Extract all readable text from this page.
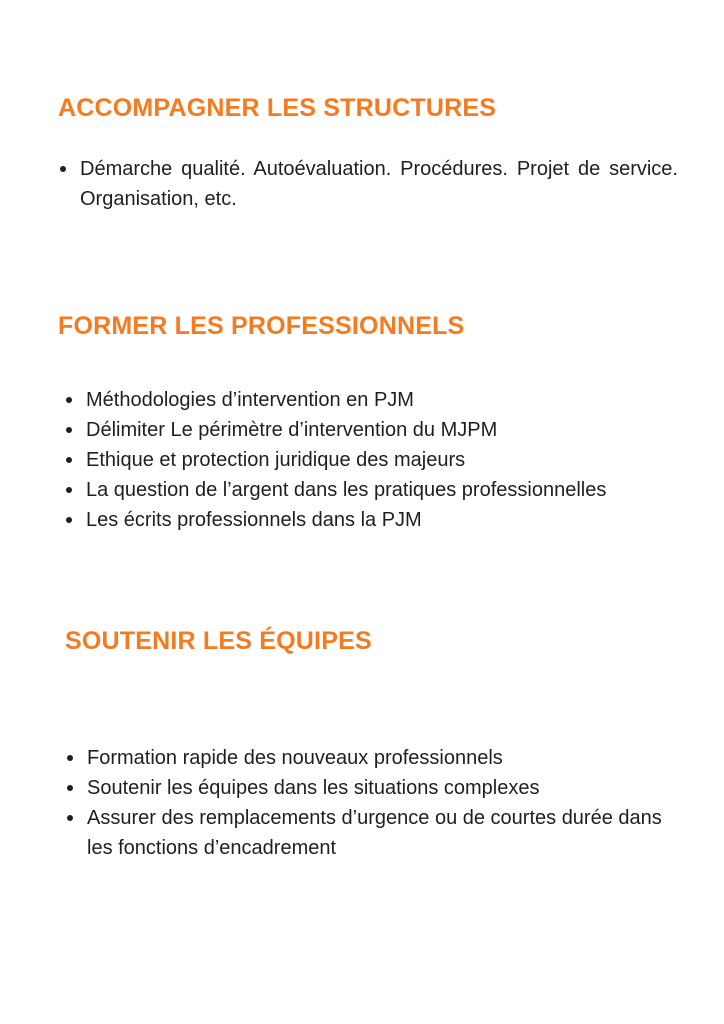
ACCOMPAGNER LES STRUCTURES
Démarche qualité. Autoévaluation. Procédures. Projet de service. Organisation, etc.
FORMER LES PROFESSIONNELS
Méthodologies d’intervention en PJM
Délimiter Le périmètre d’intervention du MJPM
Ethique et protection juridique des majeurs
La question de l’argent dans les pratiques professionnelles
Les écrits professionnels dans la PJM
SOUTENIR LES ÉQUIPES
Formation rapide des nouveaux professionnels
Soutenir les équipes dans les situations complexes
Assurer des remplacements d’urgence ou de courtes durée dans les fonctions d’encadrement
